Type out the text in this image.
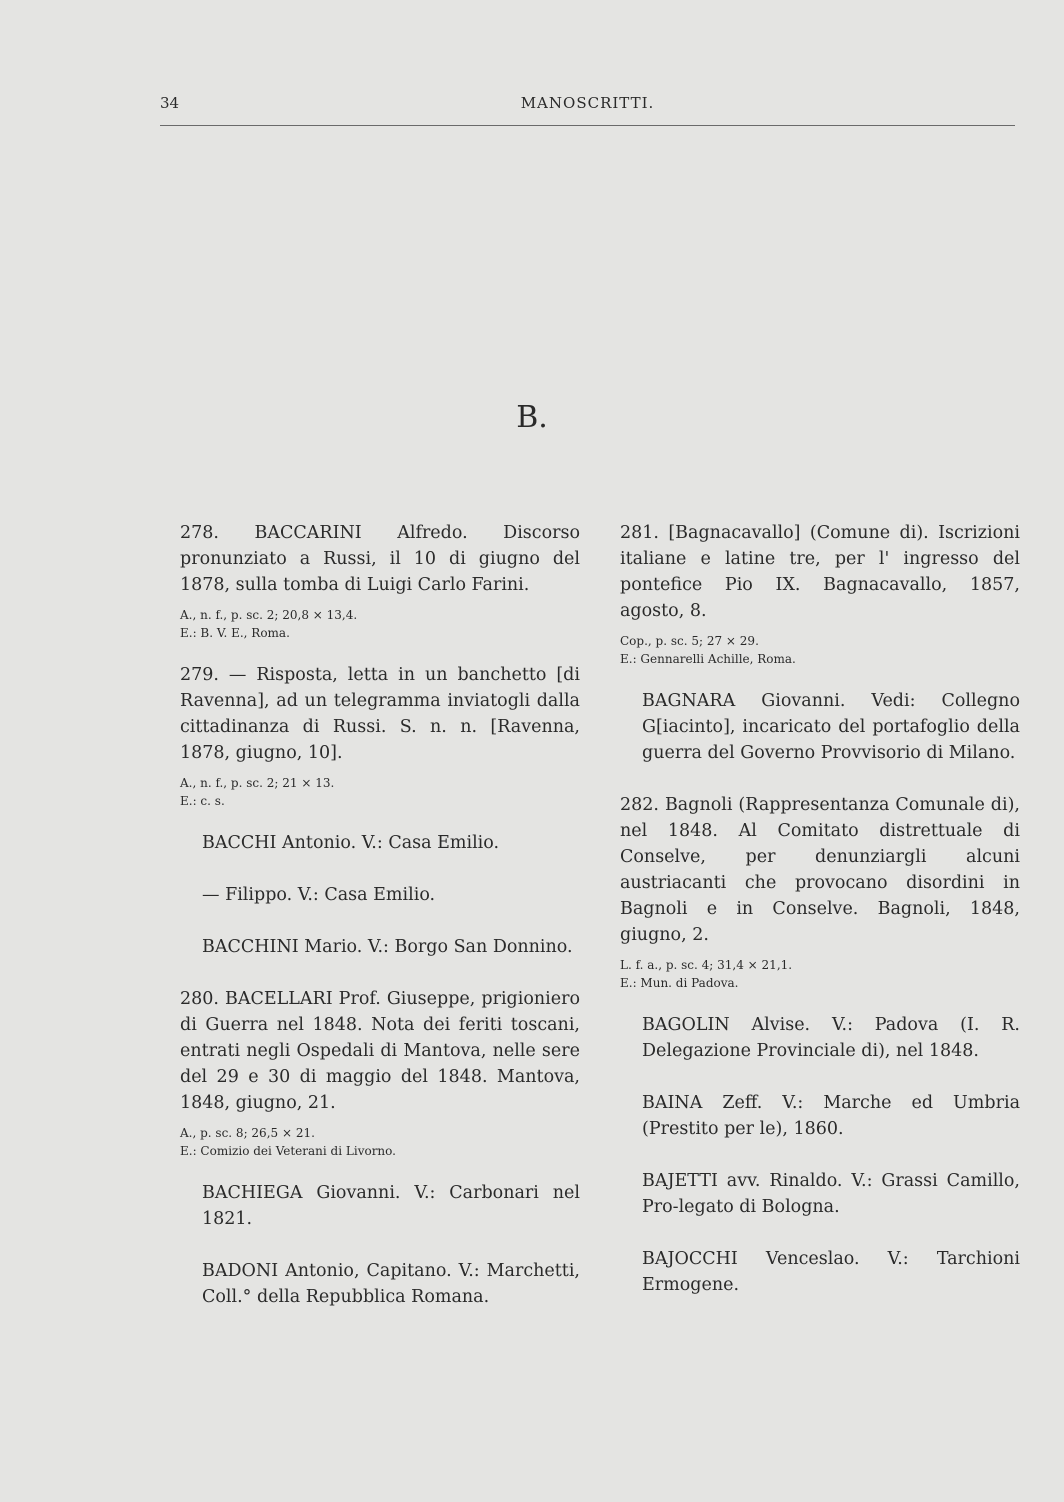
34	MANOSCRITTI.
B.

278. BACCARINI Alfredo. Discorso pronunziato a Russi, il 10 di giugno del 1878, sulla tomba di Luigi Carlo Farini.

A., n. f., p. sc. 2; 20,8 × 13,4.
E.: B. V. E., Roma.

279. — Risposta, letta in un banchetto [di Ravenna], ad un telegramma inviatogli dalla cittadinanza di Russi. S. n. n. [Ravenna, 1878, giugno, 10].

A., n. f., p. sc. 2; 21 × 13.
E.: c. s.

BACCHI Antonio. V.: Casa Emilio.

— Filippo. V.: Casa Emilio.

BACCHINI Mario. V.: Borgo San Donnino.

280. BACELLARI Prof. Giuseppe, prigioniero di Guerra nel 1848. Nota dei feriti toscani, entrati negli Ospedali di Mantova, nelle sere del 29 e 30 di maggio del 1848. Mantova, 1848, giugno, 21.

A., p. sc. 8; 26,5 × 21.
E.: Comizio dei Veterani di Livorno.

BACHIEGA Giovanni. V.: Carbonari nel 1821.

BADONI Antonio, Capitano. V.: Marchetti, Coll.° della Repubblica Romana.

281. [Bagnacavallo] (Comune di). Iscrizioni italiane e latine tre, per l' ingresso del pontefice Pio IX. Bagnacavallo, 1857, agosto, 8.

Cop., p. sc. 5; 27 × 29.
E.: Gennarelli Achille, Roma.

BAGNARA Giovanni. Vedi: Collegno G[iacinto], incaricato del portafoglio della guerra del Governo Provvisorio di Milano.

282. Bagnoli (Rappresentanza Comunale di), nel 1848. Al Comitato distrettuale di Conselve, per denunziargli alcuni austriacanti che provocano disordini in Bagnoli e in Conselve. Bagnoli, 1848, giugno, 2.

L. f. a., p. sc. 4; 31,4 × 21,1.
E.: Mun. di Padova.

BAGOLIN Alvise. V.: Padova (I. R. Delegazione Provinciale di), nel 1848.

BAINA Zeff. V.: Marche ed Umbria (Prestito per le), 1860.

BAJETTI avv. Rinaldo. V.: Grassi Camillo, Pro-legato di Bologna.

BAJOCCHI Venceslao. V.: Tarchioni Ermogene.
